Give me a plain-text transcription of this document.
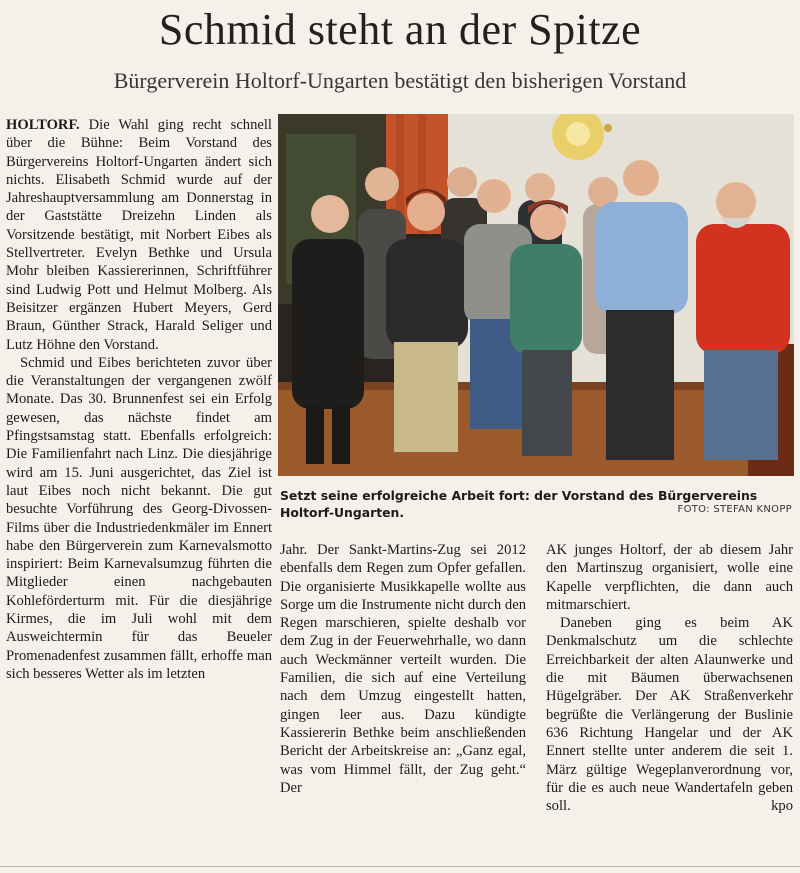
Schmid steht an der Spitze
Bürgerverein Holtorf-Ungarten bestätigt den bisherigen Vorstand

HOLTORF. Die Wahl ging recht schnell über die Bühne: Beim Vorstand des Bürgervereins Holtorf-Ungarten ändert sich nichts. Elisabeth Schmid wurde auf der Jahreshauptversammlung am Donnerstag in der Gaststätte Dreizehn Linden als Vorsitzende bestätigt, mit Norbert Eibes als Stellvertreter. Evelyn Bethke und Ursula Mohr bleiben Kassiererinnen, Schriftführer sind Ludwig Pott und Helmut Molberg. Als Beisitzer ergänzen Hubert Meyers, Gerd Braun, Günther Strack, Harald Seliger und Lutz Höhne den Vorstand.

Schmid und Eibes berichteten zuvor über die Veranstaltungen der vergangenen zwölf Monate. Das 30. Brunnenfest sei ein Erfolg gewesen, das nächste findet am Pfingstsamstag statt. Ebenfalls erfolgreich: Die Familienfahrt nach Linz. Die diesjährige wird am 15. Juni ausgerichtet, das Ziel ist laut Eibes noch nicht bekannt. Die gut besuchte Vorführung des Georg-Divossen-Films über die Industriedenkmäler im Ennert habe den Bürgerverein zum Karnevalsmotto inspiriert: Beim Karnevalsumzug führten die Mitglieder einen nachgebauten Kohleförderturm mit. Für die diesjährige Kirmes, die im Juli wohl mit dem Ausweichtermin für das Beueler Promenadenfest zusammen fällt, erhoffe man sich besseres Wetter als im letzten

Setzt seine erfolgreiche Arbeit fort: der Vorstand des Bürgervereins Holtorf-Ungarten.	FOTO: STEFAN KNOPP

Jahr. Der Sankt-Martins-Zug sei 2012 ebenfalls dem Regen zum Opfer gefallen. Die organisierte Musikkapelle wollte aus Sorge um die Instrumente nicht durch den Regen marschieren, spielte deshalb vor dem Zug in der Feuerwehrhalle, wo dann auch Weckmänner verteilt wurden. Die Familien, die sich auf eine Verteilung nach dem Umzug eingestellt hatten, gingen leer aus. Dazu kündigte Kassiererin Bethke beim anschließenden Bericht der Arbeitskreise an: „Ganz egal, was vom Himmel fällt, der Zug geht.“ Der

AK junges Holtorf, der ab diesem Jahr den Martinszug organisiert, wolle eine Kapelle verpflichten, die dann auch mitmarschiert.

Daneben ging es beim AK Denkmalschutz um die schlechte Erreichbarkeit der alten Alaunwerke und die mit Bäumen überwachsenen Hügelgräber. Der AK Straßenverkehr begrüßte die Verlängerung der Buslinie 636 Richtung Hangelar und der AK Ennert stellte unter anderem die seit 1. März gültige Wegeplanverordnung vor, für die es auch neue Wandertafeln geben soll.	kpo
